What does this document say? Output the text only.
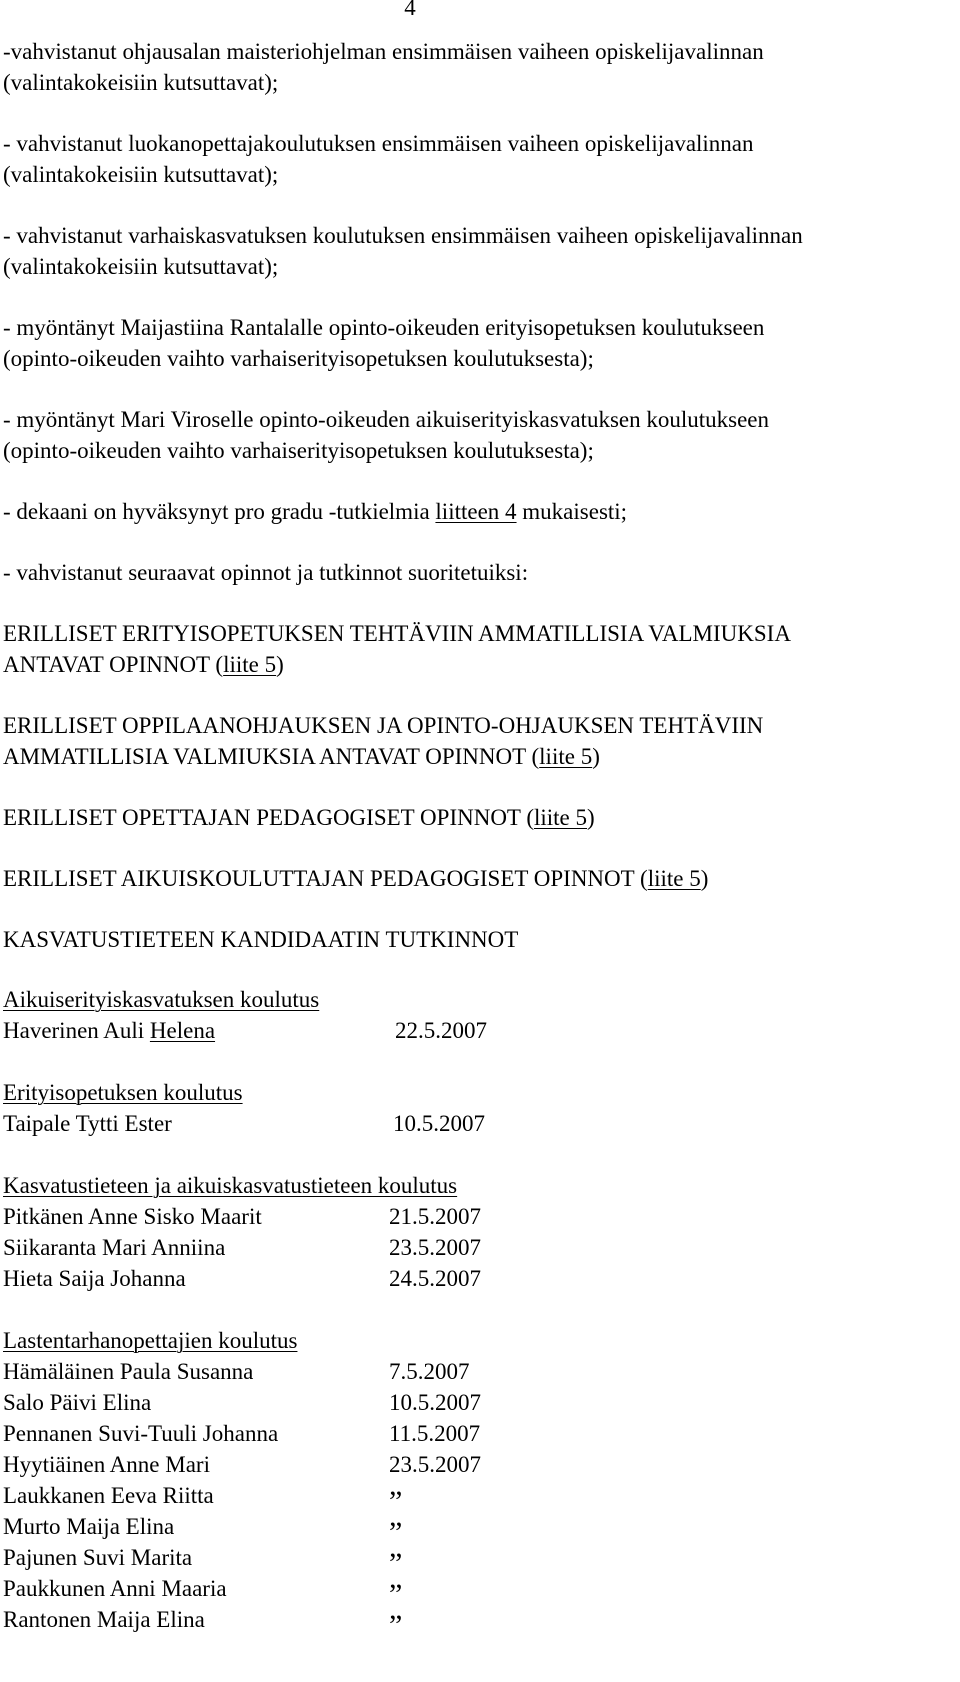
4
-vahvistanut ohjausalan maisteriohjelman ensimmäisen vaiheen opiskelijavalinnan
(valintakokeisiin kutsuttavat);
- vahvistanut luokanopettajakoulutuksen ensimmäisen vaiheen opiskelijavalinnan
(valintakokeisiin kutsuttavat);
- vahvistanut varhaiskasvatuksen koulutuksen ensimmäisen vaiheen opiskelijavalinnan
(valintakokeisiin kutsuttavat);
- myöntänyt Maijastiina Rantalalle opinto-oikeuden erityisopetuksen koulutukseen
(opinto-oikeuden vaihto varhaiserityisopetuksen koulutuksesta);
- myöntänyt Mari Viroselle opinto-oikeuden aikuiserityiskasvatuksen koulutukseen
(opinto-oikeuden vaihto varhaiserityisopetuksen koulutuksesta);
- dekaani on hyväksynyt pro gradu -tutkielmia liitteen 4 mukaisesti;
- vahvistanut seuraavat opinnot ja tutkinnot suoritetuiksi:
ERILLISET ERITYISOPETUKSEN TEHTÄVIIN AMMATILLISIA VALMIUKSIA
ANTAVAT OPINNOT (liite 5)
ERILLISET OPPILAANOHJAUKSEN JA OPINTO-OHJAUKSEN TEHTÄVIIN
AMMATILLISIA VALMIUKSIA ANTAVAT OPINNOT (liite 5)
ERILLISET OPETTAJAN PEDAGOGISET OPINNOT (liite 5)
ERILLISET AIKUISKOULUTTAJAN PEDAGOGISET OPINNOT (liite 5)
KASVATUSTIETEEN KANDIDAATIN TUTKINNOT
Aikuiserityiskasvatuksen koulutus
Haverinen Auli Helena	22.5.2007
Erityisopetuksen koulutus
Taipale Tytti Ester	10.5.2007
Kasvatustieteen ja aikuiskasvatustieteen koulutus
Pitkänen Anne Sisko Maarit	21.5.2007
Siikaranta Mari Anniina	23.5.2007
Hieta Saija Johanna	24.5.2007
Lastentarhanopettajien koulutus
Hämäläinen Paula Susanna	7.5.2007
Salo Päivi Elina	10.5.2007
Pennanen Suvi-Tuuli Johanna	11.5.2007
Hyytiäinen Anne Mari	23.5.2007
Laukkanen Eeva Riitta	”
Murto Maija Elina	”
Pajunen Suvi Marita	”
Paukkunen Anni Maaria	”
Rantonen Maija Elina	”
